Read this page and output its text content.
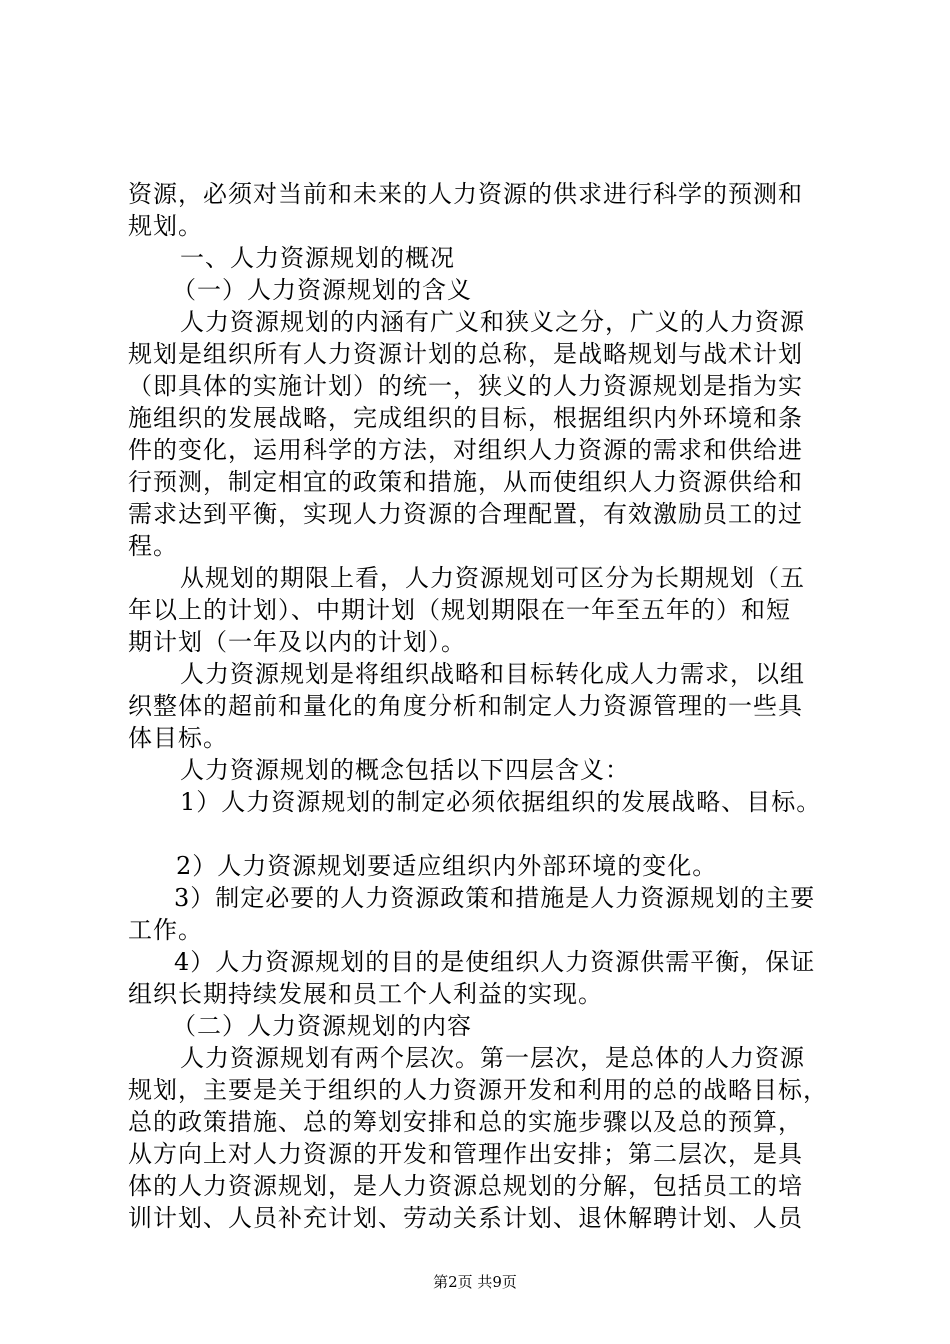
资源，必须对当前和未来的人力资源的供求进行科学的预测和
规划。
一、人力资源规划的概况
（一）人力资源规划的含义
人力资源规划的内涵有广义和狭义之分，广义的人力资源
规划是组织所有人力资源计划的总称，是战略规划与战术计划
（即具体的实施计划）的统一，狭义的人力资源规划是指为实
施组织的发展战略，完成组织的目标，根据组织内外环境和条
件的变化，运用科学的方法，对组织人力资源的需求和供给进
行预测，制定相宜的政策和措施，从而使组织人力资源供给和
需求达到平衡，实现人力资源的合理配置，有效激励员工的过
程。
从规划的期限上看，人力资源规划可区分为长期规划（五
年以上的计划）、中期计划（规划期限在一年至五年的）和短
期计划（一年及以内的计划）。
人力资源规划是将组织战略和目标转化成人力需求，以组
织整体的超前和量化的角度分析和制定人力资源管理的一些具
体目标。
人力资源规划的概念包括以下四层含义：
1）人力资源规划的制定必须依据组织的发展战略、目标。
2）人力资源规划要适应组织内外部环境的变化。
3）制定必要的人力资源政策和措施是人力资源规划的主要
工作。
4）人力资源规划的目的是使组织人力资源供需平衡，保证
组织长期持续发展和员工个人利益的实现。
（二）人力资源规划的内容
人力资源规划有两个层次。第一层次，是总体的人力资源
规划，主要是关于组织的人力资源开发和利用的总的战略目标，
总的政策措施、总的筹划安排和总的实施步骤以及总的预算，
从方向上对人力资源的开发和管理作出安排；第二层次，是具
体的人力资源规划，是人力资源总规划的分解，包括员工的培
训计划、人员补充计划、劳动关系计划、退休解聘计划、人员
第2页 共9页
